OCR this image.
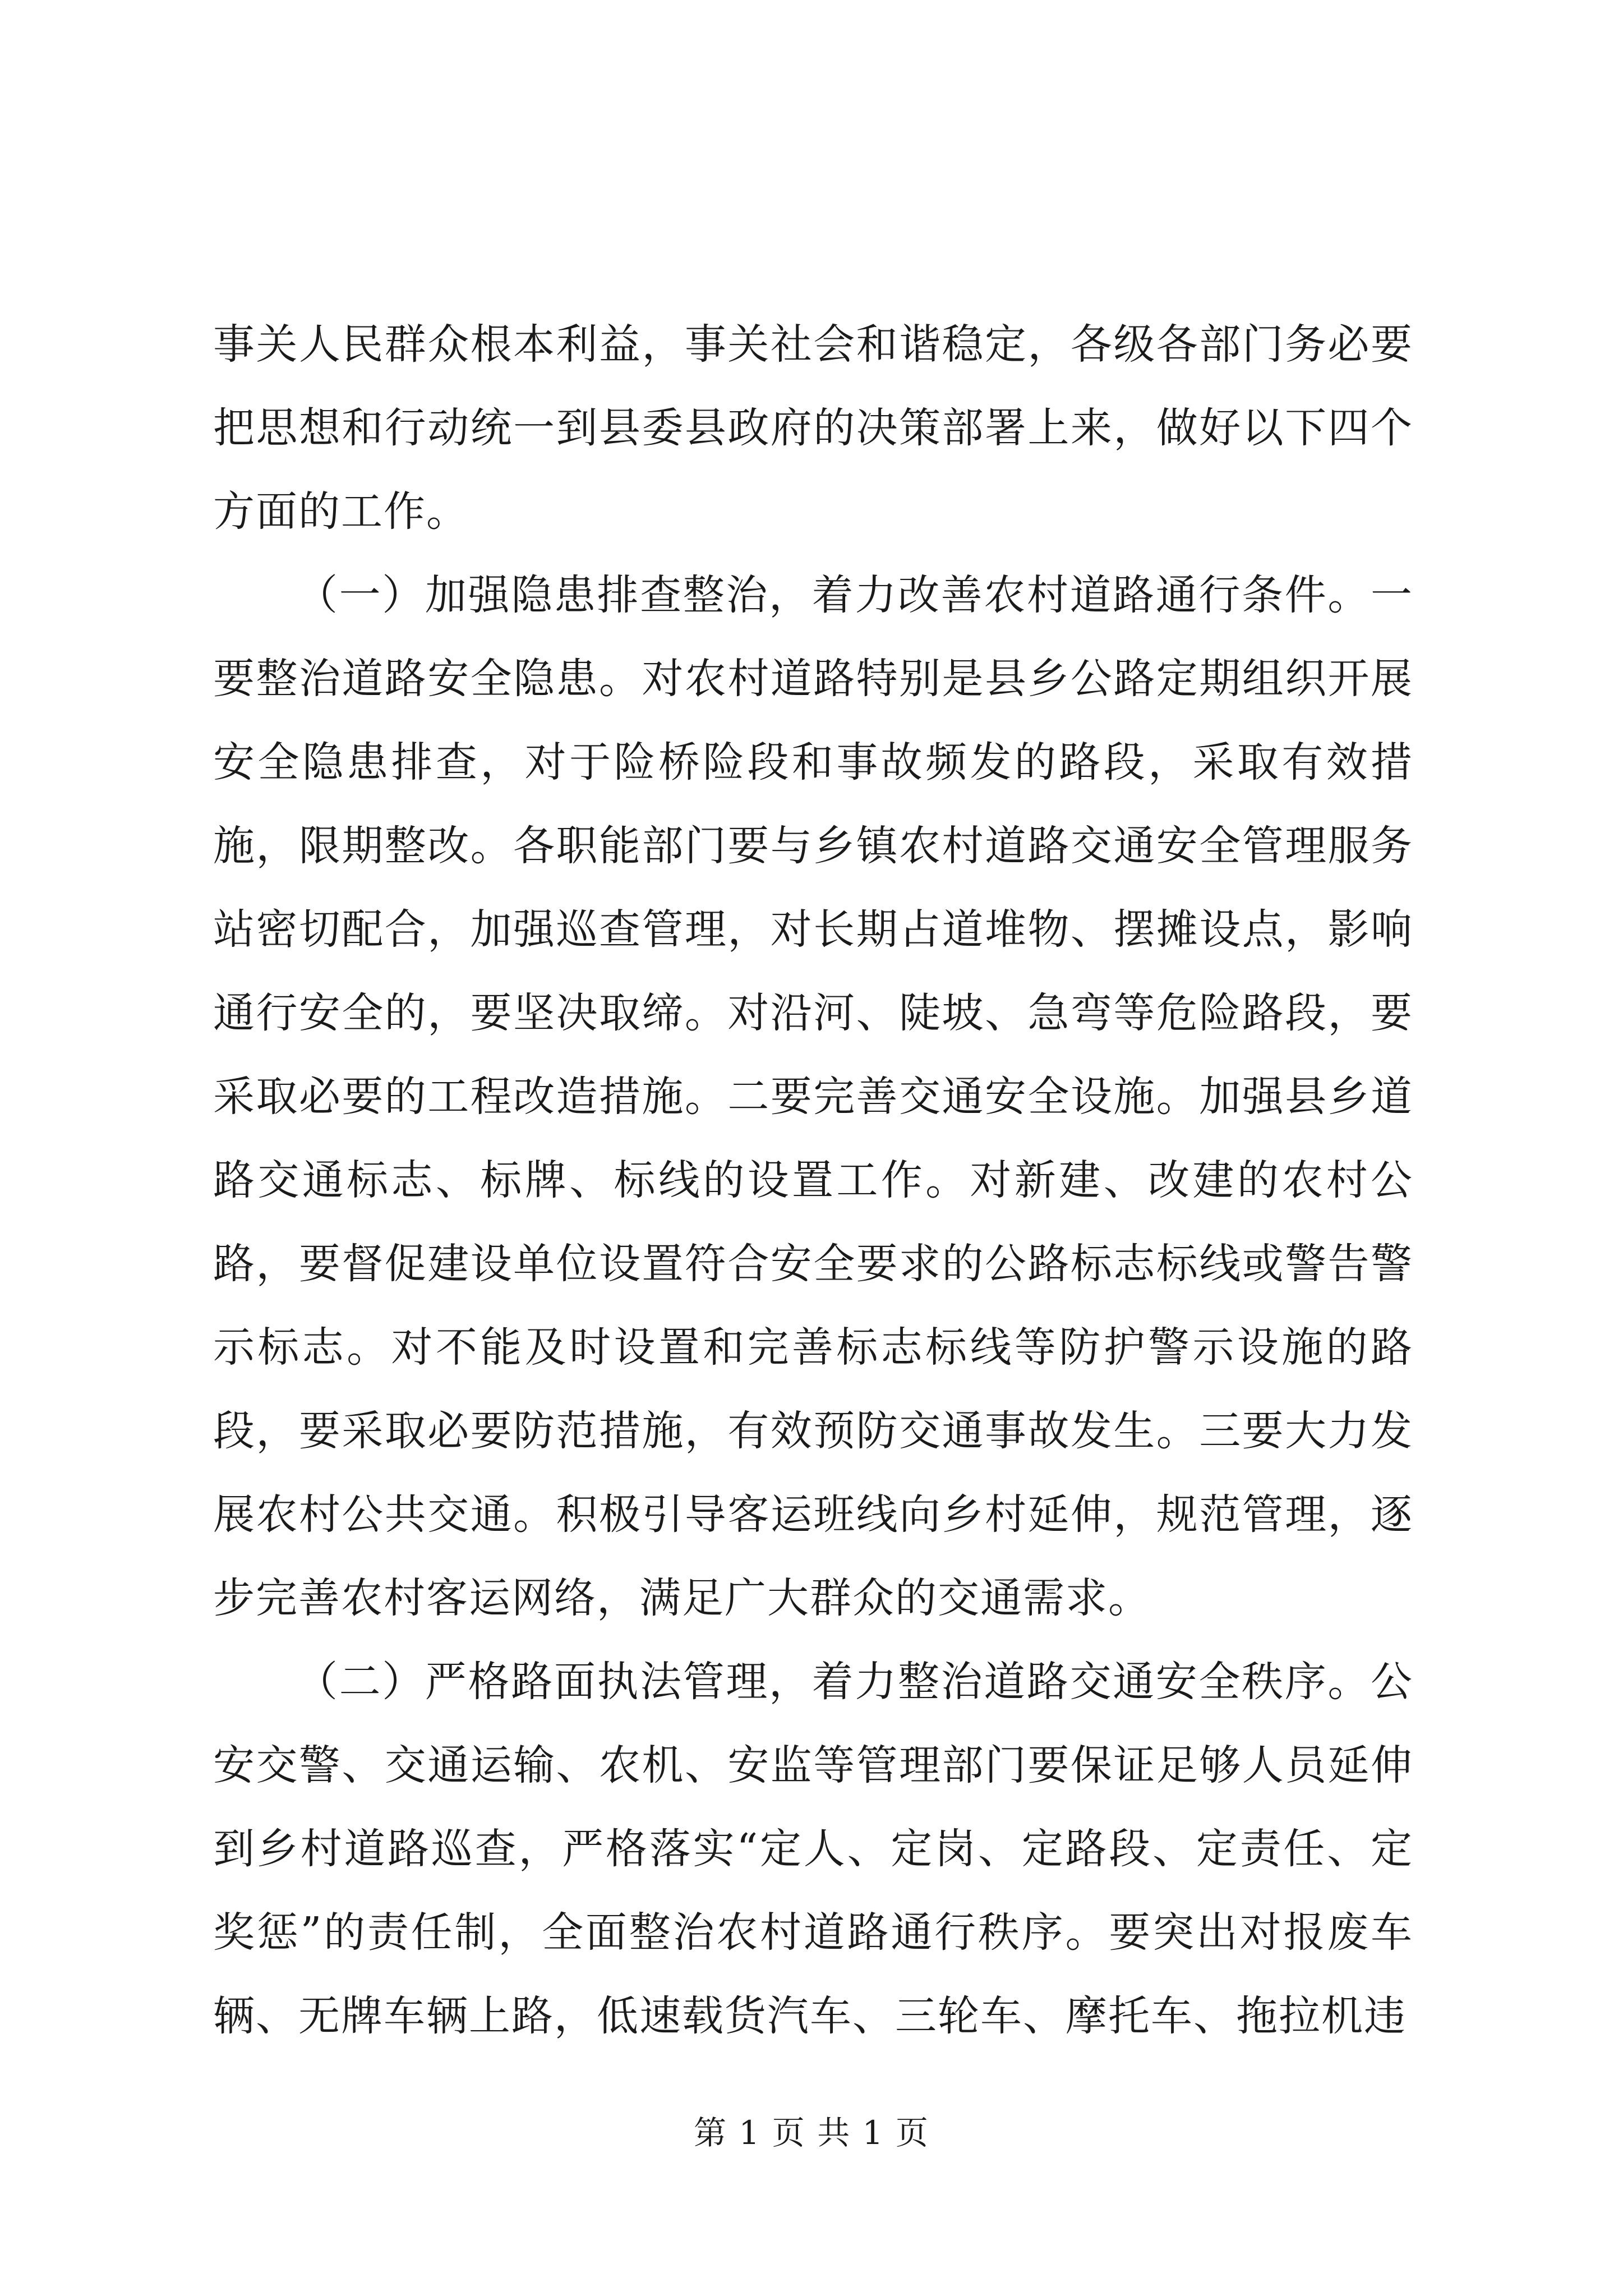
事关人民群众根本利益，事关社会和谐稳定，各级各部门务必要把思想和行动统一到县委县政府的决策部署上来，做好以下四个方面的工作。

（一）加强隐患排查整治，着力改善农村道路通行条件。一要整治道路安全隐患。对农村道路特别是县乡公路定期组织开展安全隐患排查，对于险桥险段和事故频发的路段，采取有效措施，限期整改。各职能部门要与乡镇农村道路交通安全管理服务站密切配合，加强巡查管理，对长期占道堆物、摆摊设点，影响通行安全的，要坚决取缔。对沿河、陡坡、急弯等危险路段，要采取必要的工程改造措施。二要完善交通安全设施。加强县乡道路交通标志、标牌、标线的设置工作。对新建、改建的农村公路，要督促建设单位设置符合安全要求的公路标志标线或警告警示标志。对不能及时设置和完善标志标线等防护警示设施的路段，要采取必要防范措施，有效预防交通事故发生。三要大力发展农村公共交通。积极引导客运班线向乡村延伸，规范管理，逐步完善农村客运网络，满足广大群众的交通需求。

（二）严格路面执法管理，着力整治道路交通安全秩序。公安交警、交通运输、农机、安监等管理部门要保证足够人员延伸到乡村道路巡查，严格落实“定人、定岗、定路段、定责任、定奖惩”的责任制，全面整治农村道路通行秩序。要突出对报废车辆、无牌车辆上路，低速载货汽车、三轮车、摩托车、拖拉机违

第 1 页 共 1 页
